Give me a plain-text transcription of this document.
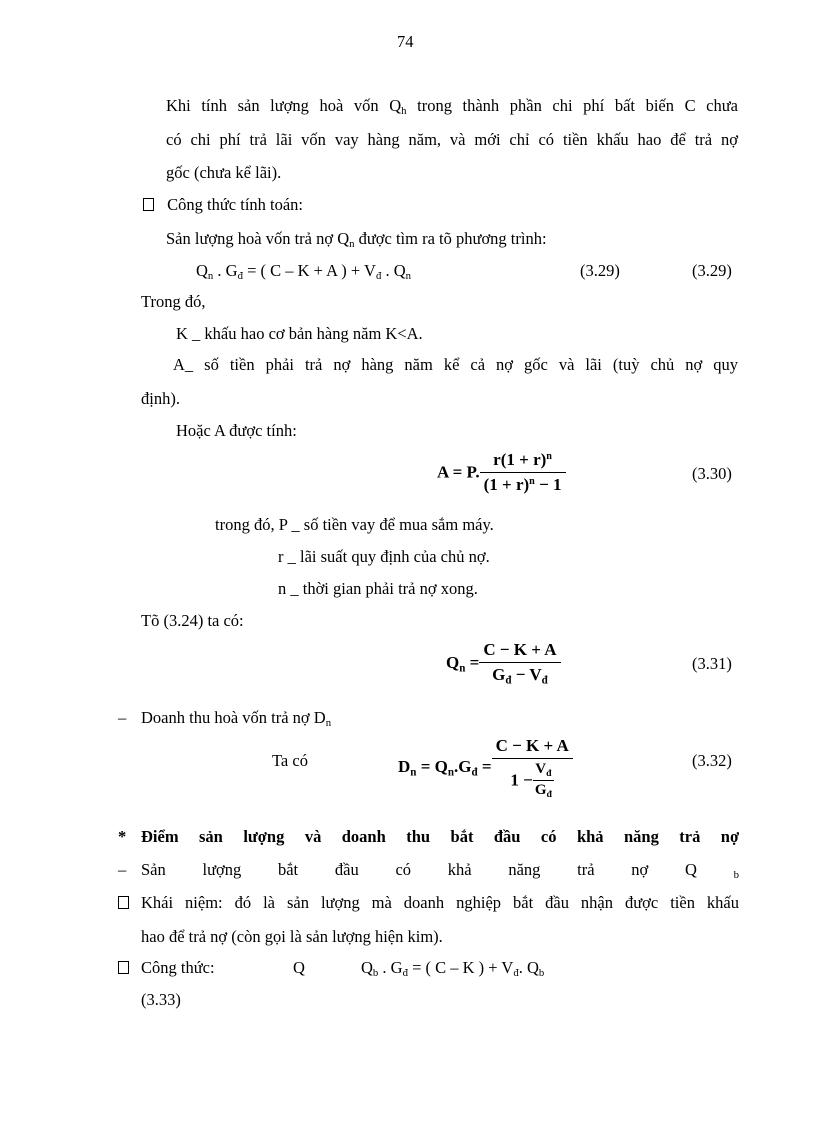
74
Khi tính sản lượng hoà vốn $Q_h$ trong thành phần chi phí bất biến C chưa
có chi phí trả lãi vốn vay hàng năm, và mới chỉ có tiền khấu hao để trả nợ
gốc (chưa kể lãi).
Công thức tính toán:
Sản lượng hoà vốn trả nợ $Q_n$ được tìm ra tõ phương trình:
$Q_n$ . $G_đ$ = ( C – K + A ) + $V_đ$ . $Q_n$	(3.29)	(3.29)
Trong đó,
K _ khấu hao cơ bản hàng năm K<A.
A_ số tiền phải trả nợ hàng năm kể cả nợ gốc và lãi (tuỳ chủ nợ quy
định).
Hoặc A được tính:
A = P. $\frac{r(1 + r)^n}{(1 + r)^n - 1}$	(3.30)
trong đó, P _ số tiền vay để mua sắm máy.
r _ lãi suất quy định của chủ nợ.
n _ thời gian phải trả nợ xong.
Tõ (3.24) ta có:
$Q_n = \frac{C - K + A}{G_đ - V_đ}$	(3.31)
– Doanh thu hoà vốn trả nợ $D_n$
Ta có	$D_n = Q_n.G_đ = \frac{C - K + A}{1 - \frac{V_đ}{G_đ}}$	(3.32)
* Điểm sản lượng và doanh thu bắt đầu có khả năng trả nợ
– Sản lượng bắt đầu có khả năng trả nợ Q	$_b$
Khái niệm: đó là sản lượng mà doanh nghiệp bắt đầu nhận được tiền khấu
hao để trả nợ (còn gọi là sản lượng hiện kim).
Công thức:	Q	$Q_b$ . $G_đ$ = ( C – K ) + $V_đ$. $Q_b$
(3.33)
